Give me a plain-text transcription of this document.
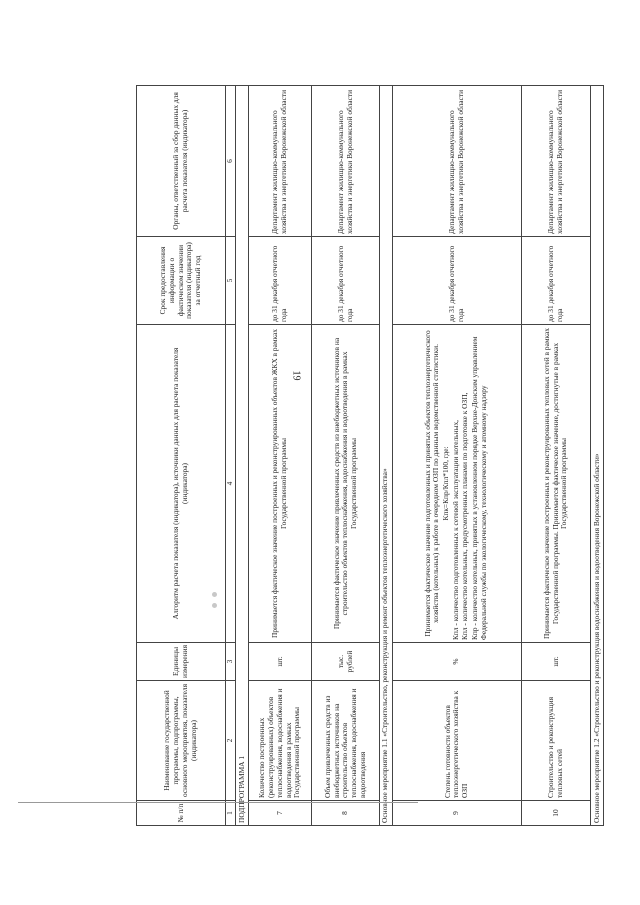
19
№ п/п	Наименование государственной программы, подпрограммы, основного мероприятия, показателя (индикатора)	Единицы измерения	Алгоритм расчета показателя (индикатора), источники данных для расчета показателя (индикатора)	Срок предоставления информации о фактическом значении показателя (индикатора) за отчетный год	Органы, ответственный за сбор данных для расчета показателя (индикатора)
1	2	3	4	5	6
ПОДПРОГРАММА 1					
7	Количество построенных (реконструированных) объектов теплоснабжения, водоснабжения и водоотведения в рамках Государственной программы	шт.	Принимается фактическое значение построенных и реконструированных объектов ЖКХ в рамках Государственной программы	до 31 декабря отчетного года	Департамент жилищно-коммунального хозяйства и энергетики Воронежской области
8	Объем привлеченных средств из внебюджетных источников на строительство объектов теплоснабжения, водоснабжения и водоотведения	тыс. рублей	Принимается фактическое значение привлеченных средств из внебюджетных источников на строительство объектов теплоснабжения, водоснабжения и водоотведения в рамках Государственной программы	до 31 декабря отчетного года	Департамент жилищно-коммунального хозяйства и энергетики Воронежской области
Основное мероприятие 1.1 «Строительство, реконструкция и ремонт объектов теплоэнергетического хозяйства»					
9	Степень готовности объектов теплоэнергетического хозяйства к ОЗП	%	Принимается фактическое значение подготовленных и принятых объектов теплоэнергетического хозяйства (котельных) к работе в очередном ОЗП по данным ведомственной статистики. Кпк=Кпр/Кпл*100, где: Кпл - количество подготовленных к сетевой эксплуатации котельных, Кпл - количество котельных, предусмотренных планами по подготовке к ОЗП, Кпр - количество котельных, принятых в установленном порядке Верхне-Донским управлением Федеральной службы по экологическому, технологическому и атомному надзору	до 31 декабря отчетного года	Департамент жилищно-коммунального хозяйства и энергетики Воронежской области
10	Строительство и реконструкция тепловых сетей	шт.	Принимается фактическое значение построенных и реконструированных тепловых сетей в рамках Государственной программы. Принимается фактическое значение, достигнутые в рамках Государственной программы	до 31 декабря отчетного года	Департамент жилищно-коммунального хозяйства и энергетики Воронежской области
Основное мероприятие 1.2 «Строительство и реконструкция водоснабжения и водоотведения Воронежской области»					
